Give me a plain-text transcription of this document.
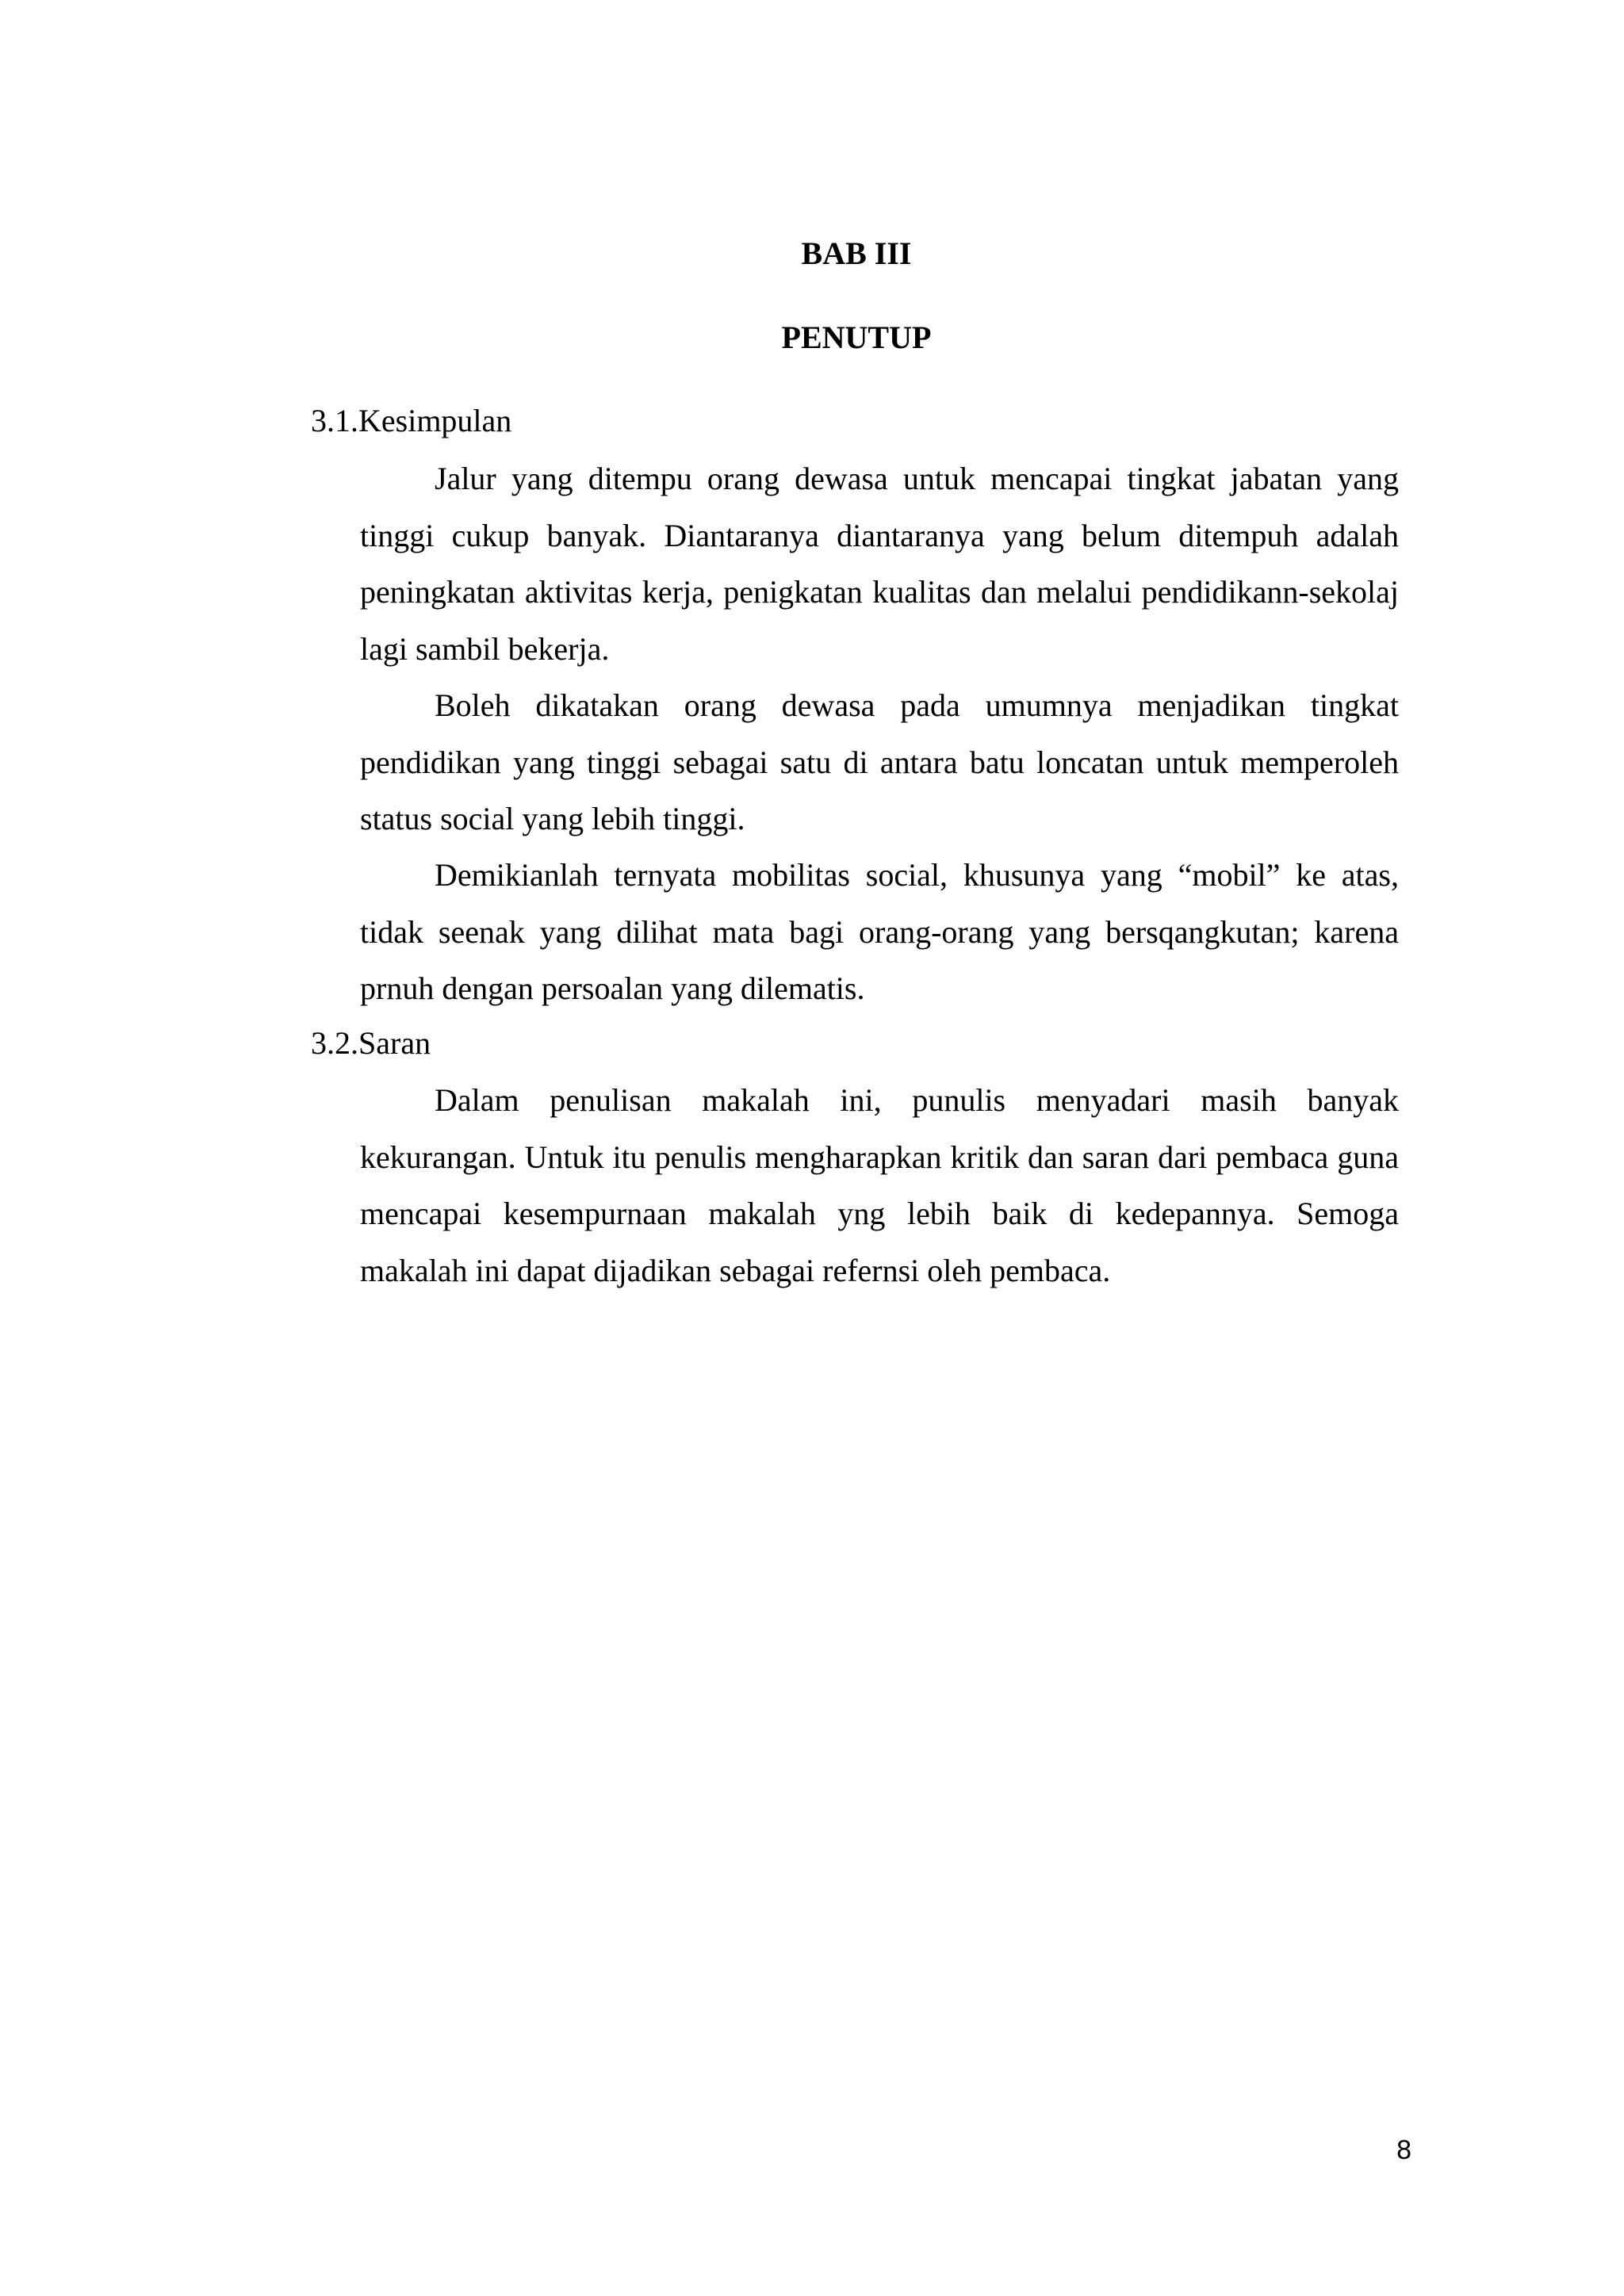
BAB III
PENUTUP
3.1.Kesimpulan

Jalur yang ditempu orang dewasa untuk mencapai tingkat jabatan yang tinggi cukup banyak. Diantaranya diantaranya yang belum ditempuh adalah peningkatan aktivitas kerja, penigkatan kualitas dan melalui pendidikann-sekolaj lagi sambil bekerja.

Boleh dikatakan orang dewasa pada umumnya menjadikan tingkat pendidikan yang tinggi sebagai satu di antara batu loncatan untuk memperoleh status social yang lebih tinggi.

Demikianlah ternyata mobilitas social, khusunya yang “mobil” ke atas, tidak seenak yang dilihat mata bagi orang-orang yang bersqangkutan; karena prnuh dengan persoalan yang dilematis.

3.2.Saran

Dalam penulisan makalah ini, punulis menyadari masih banyak kekurangan. Untuk itu penulis mengharapkan kritik dan saran dari pembaca guna mencapai kesempurnaan makalah yng lebih baik di kedepannya. Semoga makalah ini dapat dijadikan sebagai refernsi oleh pembaca.

8
